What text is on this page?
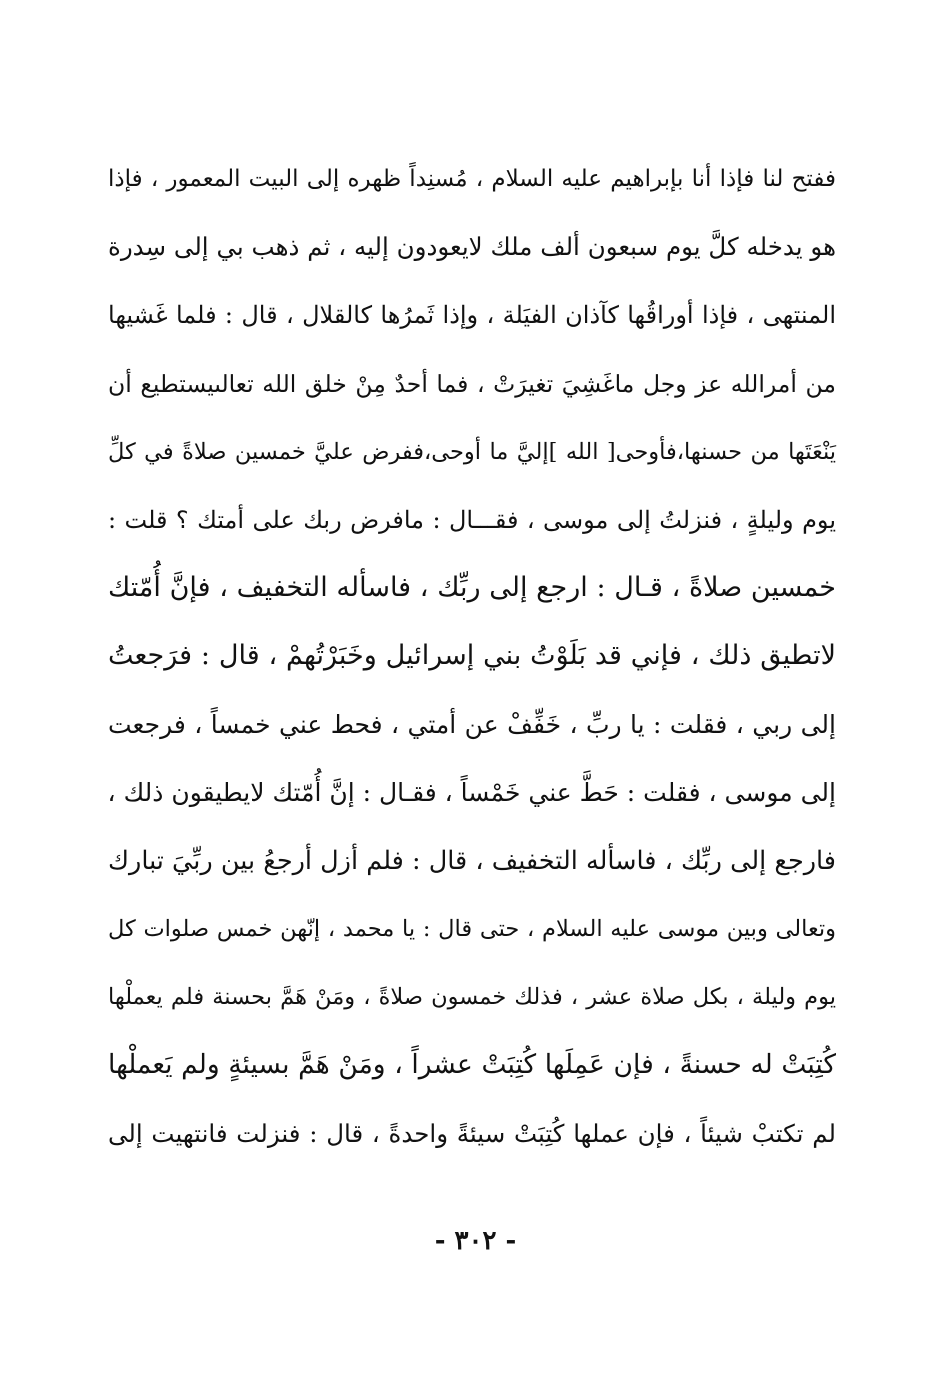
ففتح لنا فإذا أنا بإبراهيم عليه السلام ، مُسنِداً ظهره إلى البيت المعمور ، فإذا
هو يدخله كلَّ يوم سبعون ألف ملك لايعودون إليه ، ثم ذهب بي إلى سِدرة
المنتهى ، فإذا أوراقُها كآذان الفيَلة ، وإذا ثَمرُها كالقلال ، قال : فلما غَشيها
من أمرالله عز وجل ماغَشِيَ تغيرَتْ ، فما أحدٌ مِنْ خلق الله تعالىيستطيع أن
يَنْعَتَها من حسنها،فأوحى[ الله ]إليَّ ما أوحى،ففرض عليَّ خمسين صلاةً في كلِّ
يوم وليلةٍ ، فنزلتُ إلى موسى ، فقـــال : مافرض ربك على أمتك ؟ قلت :
خمسين صلاةً ، قـال : ارجع إلى ربِّك ، فاسأله التخفيف ، فإنَّ أُمّتك
لاتطيق ذلك ، فإني قد بَلَوْتُ بني إسرائيل وخَبَرْتُهمْ ، قال : فرَجعتُ
إلى ربي ، فقلت : يا ربِّ ، خَفِّفْ عن أمتي ، فحط عني خمساً ، فرجعت
إلى موسى ، فقلت : حَطَّ عني خَمْساً ، فقـال : إنَّ أُمّتك لايطيقون ذلك ،
فارجع إلى ربِّك ، فاسأله التخفيف ، قال : فلم أزل أرجعُ بين ربِّيَ تبارك
وتعالى وبين موسى عليه السلام ، حتى قال : يا محمد ، إنّهن خمس صلوات كل
يوم وليلة ، بكل صلاة عشر ، فذلك خمسون صلاةً ، ومَنْ هَمَّ بحسنة فلم يعملْها
كُتِبَتْ له حسنةً ، فإن عَمِلَها كُتِبَتْ عشراً ، ومَنْ هَمَّ بسيئةٍ ولم يَعملْها
لم تكتبْ شيئاً ، فإن عملها كُتِبَتْ سيئةً واحدةً ، قال : فنزلت فانتهيت إلى
- ٣٠٢ -
